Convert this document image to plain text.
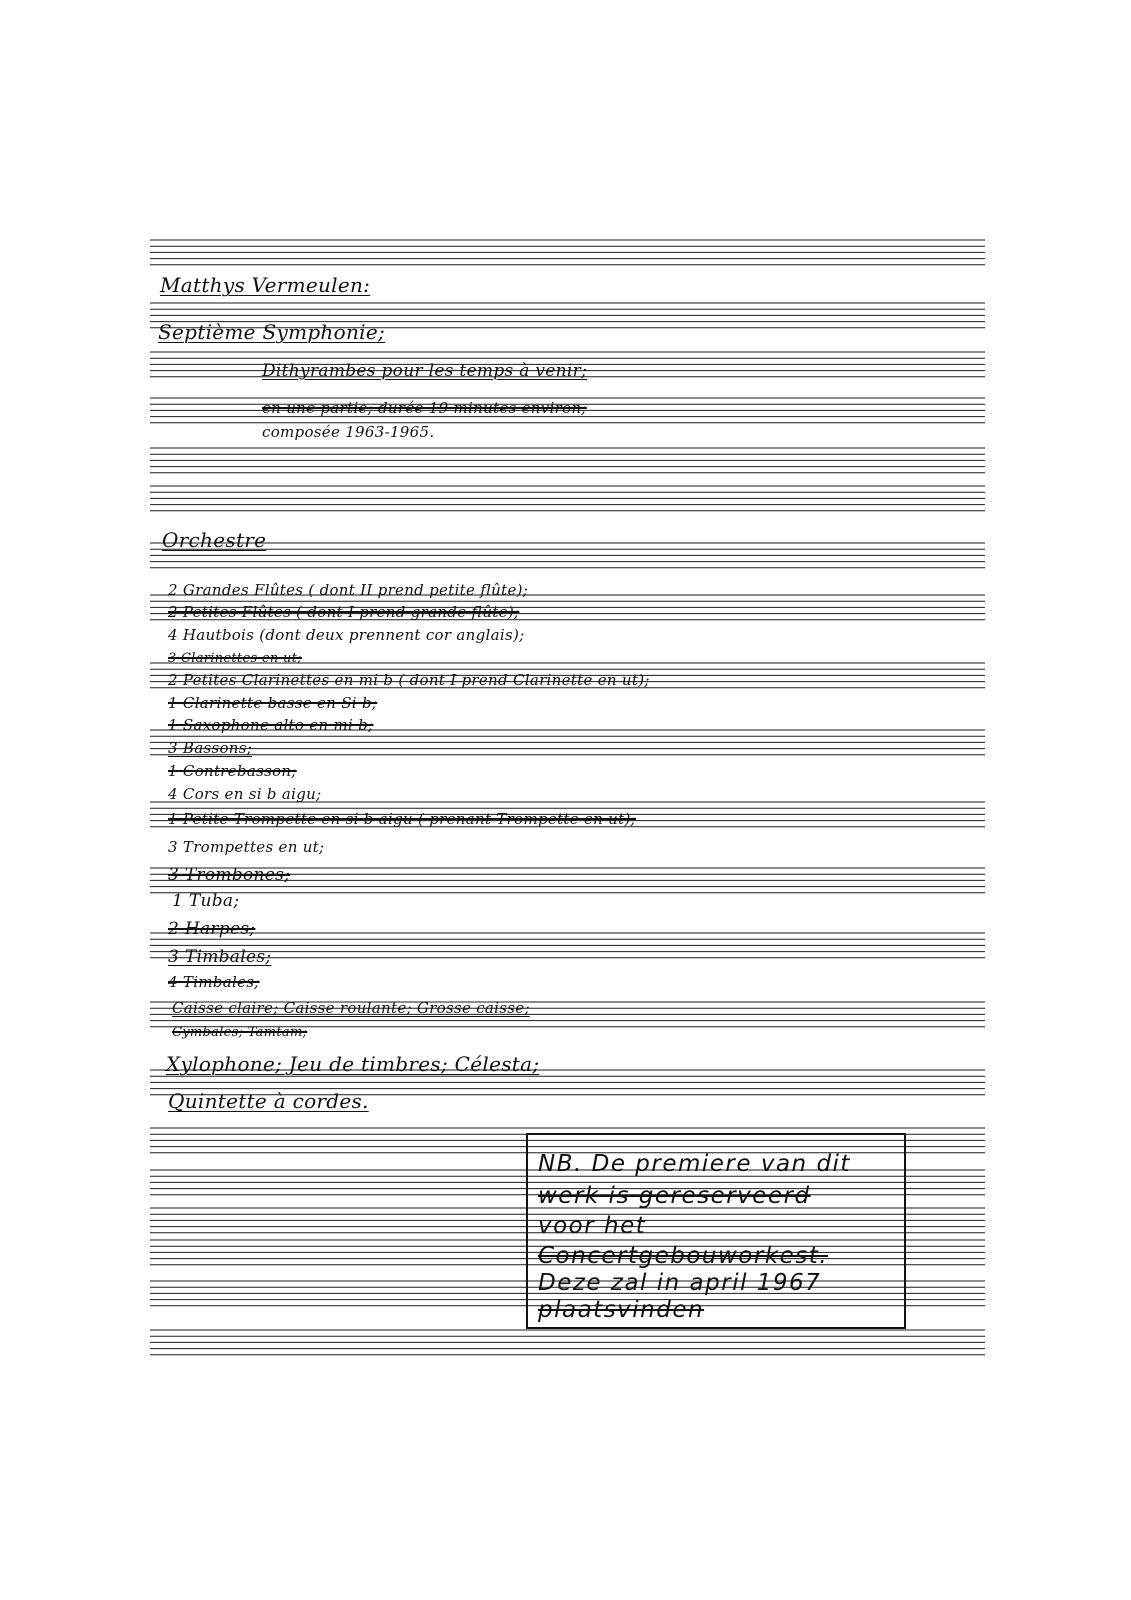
Matthys Vermeulen:
Septième Symphonie;
Dithyrambes pour les temps à venir;
en une partie; durée 19 minutes environ;
composée 1963-1965.
Orchestre
2 Grandes Flûtes ( dont II prend petite flûte);
2 Petites Flûtes ( dont I prend grande flûte);
4 Hautbois (dont deux prennent cor anglais);
3 Clarinettes en ut;
2 Petites Clarinettes en mi b ( dont I prend Clarinette en ut);
1 Clarinette basse en Si b;
1 Saxophone alto en mi b;
3 Bassons;
1 Contrebasson;
4 Cors en si b aigu;
1 Petite Trompette en si b aigu ( prenant Trompette en ut);
3 Trompettes en ut;
3 Trombones;
1 Tuba;
2 Harpes;
3 Timbales;
4 Timbales;
Caisse claire; Caisse roulante; Grosse caisse;
Cymbales; Tamtam;
Xylophone; Jeu de timbres; Célesta;
Quintette à cordes.
NB. De premiere van dit
werk is gereserveerd
voor het
Concertgebouworkest.
Deze zal in april 1967
plaatsvinden
